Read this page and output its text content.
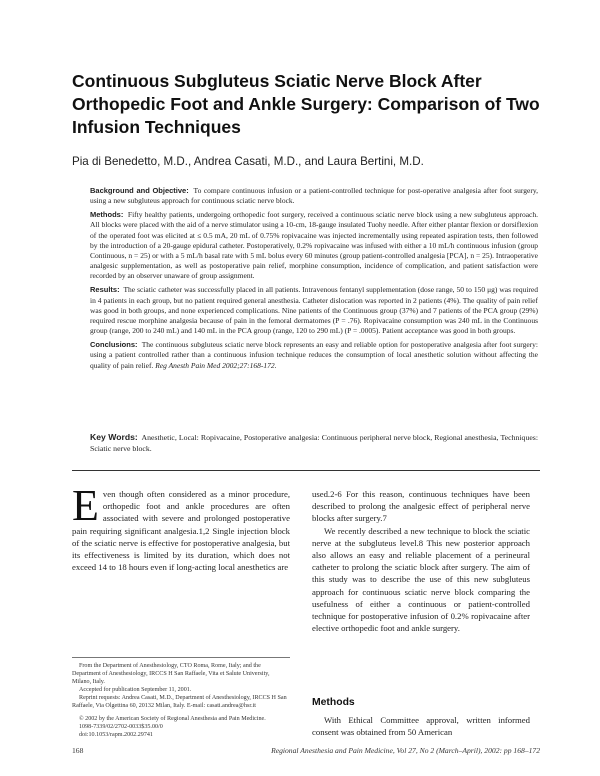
Continuous Subgluteus Sciatic Nerve Block After Orthopedic Foot and Ankle Surgery: Comparison of Two Infusion Techniques
Pia di Benedetto, M.D., Andrea Casati, M.D., and Laura Bertini, M.D.

Background and Objective: To compare continuous infusion or a patient-controlled technique for post-operative analgesia after foot surgery, using a new subgluteus approach for continuous sciatic nerve block.

Methods: Fifty healthy patients, undergoing orthopedic foot surgery, received a continuous sciatic nerve block using a new subgluteus approach. All blocks were placed with the aid of a nerve stimulator using a 10-cm, 18-gauge insulated Tuohy needle. After either plantar flexion or dorsiflexion of the operated foot was elicited at ≤ 0.5 mA, 20 mL of 0.75% ropivacaine was injected incrementally using repeated aspiration tests, then followed by the introduction of a 20-gauge epidural catheter. Postoperatively, 0.2% ropivacaine was infused with either a 10 mL/h continuous infusion (group Continuous, n = 25) or with a 5 mL/h basal rate with 5 mL bolus every 60 minutes (group patient-controlled analgesia [PCA], n = 25). Intraoperative analgesic supplementation, as well as postoperative pain relief, morphine consumption, incidence of complication, and patient satisfaction were recorded by an observer unaware of group assignment.

Results: The sciatic catheter was successfully placed in all patients. Intravenous fentanyl supplementation (dose range, 50 to 150 μg) was required in 4 patients in each group, but no patient required general anesthesia. Catheter dislocation was reported in 2 patients (4%). The quality of pain relief was good in both groups, and none experienced complications. Nine patients of the Continuous group (37%) and 7 patients of the PCA group (29%) required rescue morphine analgesia because of pain in the femoral dermatomes (P = .76). Ropivacaine consumption was 240 mL in the Continuous group (range, 200 to 240 mL) and 140 mL in the PCA group (range, 120 to 290 mL) (P = .0005). Patient acceptance was good in both groups.

Conclusions: The continuous subgluteus sciatic nerve block represents an easy and reliable option for postoperative analgesia after foot surgery: using a patient controlled rather than a continuous infusion technique reduces the consumption of local anesthetic solution without affecting the quality of pain relief. Reg Anesth Pain Med 2002;27:168-172.

Key Words: Anesthetic, Local: Ropivacaine, Postoperative analgesia: Continuous peripheral nerve block, Regional anesthesia, Techniques: Sciatic nerve block.

Even though often considered as a minor procedure, orthopedic foot and ankle procedures are often associated with severe and prolonged postoperative pain requiring significant analgesia.1,2 Single injection block of the sciatic nerve is effective for postoperative analgesia, but its effectiveness is limited by its duration, which does not exceed 14 to 18 hours even if long-acting local anesthetics are

From the Department of Anesthesiology, CTO Roma, Rome, Italy; and the Department of Anesthesiology, IRCCS H San Raffaele, Vita et Salute University, Milano, Italy.

Accepted for publication September 11, 2001.

Reprint requests: Andrea Casati, M.D., Department of Anesthesiology, IRCCS H San Raffaele, Via Olgettina 60, 20132 Milan, Italy. E-mail: casati.andrea@hsr.it

© 2002 by the American Society of Regional Anesthesia and Pain Medicine.

1098-7339/02/2702-0033$35.00/0

doi:10.1053/rapm.2002.29741

used.2-6 For this reason, continuous techniques have been described to prolong the analgesic effect of peripheral nerve blocks after surgery.7

We recently described a new technique to block the sciatic nerve at the subgluteus level.8 This new posterior approach also allows an easy and reliable placement of a perineural catheter to prolong the sciatic block after surgery. The aim of this study was to describe the use of this new subgluteus approach for continuous sciatic nerve block comparing the usefulness of either a continuous or patient-controlled technique for postoperative infusion of 0.2% ropivacaine after elective orthopedic foot and ankle surgery.

Methods

With Ethical Committee approval, written informed consent was obtained from 50 American

168	Regional Anesthesia and Pain Medicine, Vol 27, No 2 (March–April), 2002: pp 168–172
